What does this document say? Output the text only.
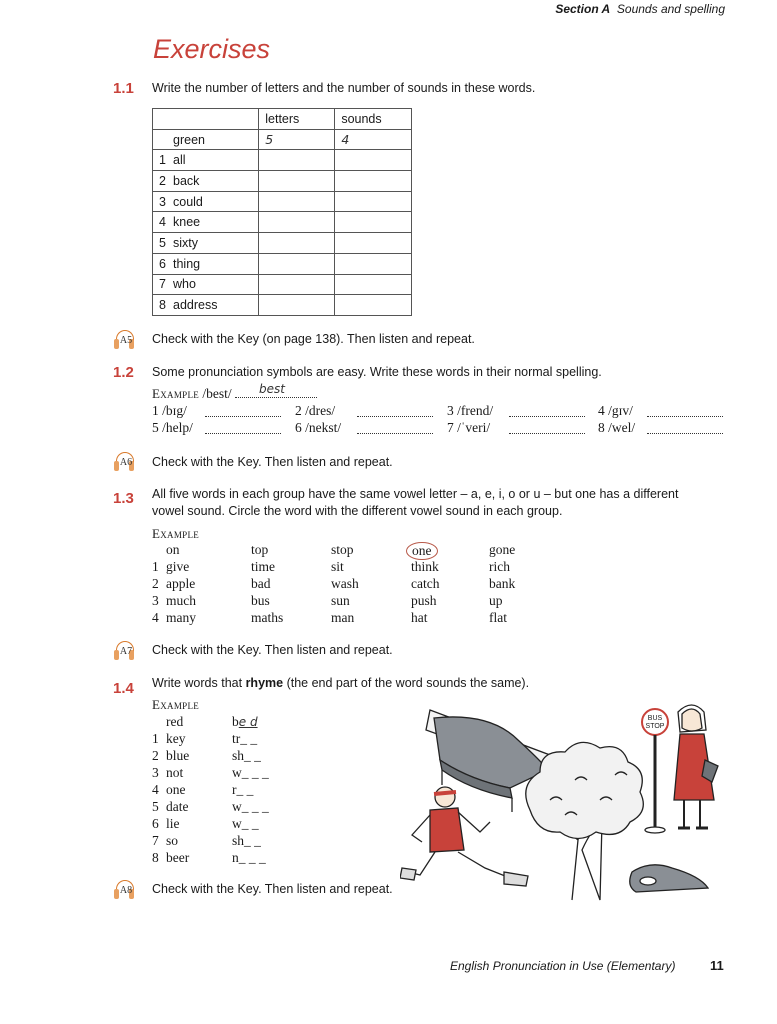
Section A Sounds and spelling
Exercises
1.1 Write the number of letters and the number of sounds in these words.
	letters	sounds
green	5	4
1 all		
2 back		
3 could		
4 knee		
5 sixty		
6 thing		
7 who		
8 address		
A5	Check with the Key (on page 138). Then listen and repeat.
1.2 Some pronunciation symbols are easy. Write these words in their normal spelling.
Example /best/ best
1 /bɪg/	2 /dres/	3 /frend/	4 /gɪv/
5 /help/	6 /nekst/	7 /ˈveri/	8 /wel/
A6	Check with the Key. Then listen and repeat.
1.3 All five words in each group have the same vowel letter – a, e, i, o or u – but one has a different
vowel sound. Circle the word with the different vowel sound in each group.
Example
on	top	stop	one	gone
1 give	time	sit	think	rich
2 apple	bad	wash	catch	bank
3 much	bus	sun	push	up
4 many	maths	man	hat	flat
A7	Check with the Key. Then listen and repeat.
1.4 Write words that rhyme (the end part of the word sounds the same).
Example
red	be d
1 key	tr_ _
2 blue	sh_ _
3 not	w_ _ _
4 one	r_ _
5 date	w_ _ _
6 lie	w_ _
7 so	sh_ _
8 beer	n_ _ _
BUS
STOP
A8	Check with the Key. Then listen and repeat.
English Pronunciation in Use (Elementary)	11
